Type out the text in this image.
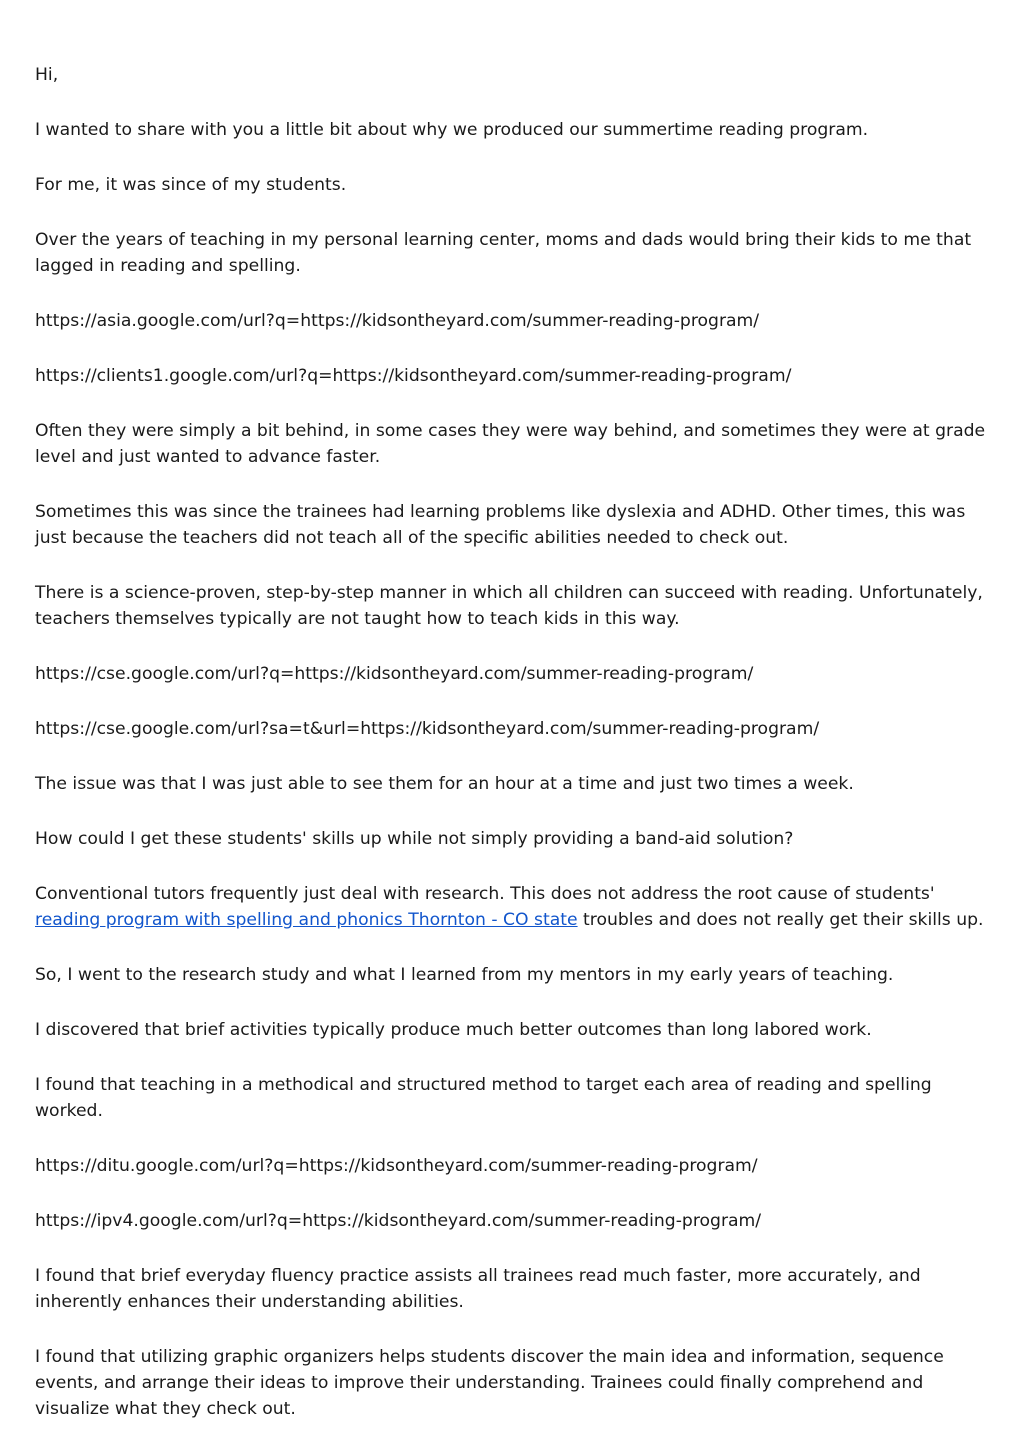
Hi,

I wanted to share with you a little bit about why we produced our summertime reading program.

For me, it was since of my students.

Over the years of teaching in my personal learning center, moms and dads would bring their kids to me that lagged in reading and spelling.

https://asia.google.com/url?q=https://kidsontheyard.com/summer-reading-program/

https://clients1.google.com/url?q=https://kidsontheyard.com/summer-reading-program/

Often they were simply a bit behind, in some cases they were way behind, and sometimes they were at grade level and just wanted to advance faster.

Sometimes this was since the trainees had learning problems like dyslexia and ADHD. Other times, this was just because the teachers did not teach all of the specific abilities needed to check out.

There is a science-proven, step-by-step manner in which all children can succeed with reading. Unfortunately, teachers themselves typically are not taught how to teach kids in this way.

https://cse.google.com/url?q=https://kidsontheyard.com/summer-reading-program/

https://cse.google.com/url?sa=t&url=https://kidsontheyard.com/summer-reading-program/

The issue was that I was just able to see them for an hour at a time and just two times a week.

How could I get these students' skills up while not simply providing a band-aid solution?

Conventional tutors frequently just deal with research. This does not address the root cause of students' reading program with spelling and phonics Thornton - CO state troubles and does not really get their skills up.

So, I went to the research study and what I learned from my mentors in my early years of teaching.

I discovered that brief activities typically produce much better outcomes than long labored work.

I found that teaching in a methodical and structured method to target each area of reading and spelling worked.

https://ditu.google.com/url?q=https://kidsontheyard.com/summer-reading-program/

https://ipv4.google.com/url?q=https://kidsontheyard.com/summer-reading-program/

I found that brief everyday fluency practice assists all trainees read much faster, more accurately, and inherently enhances their understanding abilities.

I found that utilizing graphic organizers helps students discover the main idea and information, sequence events, and arrange their ideas to improve their understanding. Trainees could finally comprehend and visualize what they check out.
